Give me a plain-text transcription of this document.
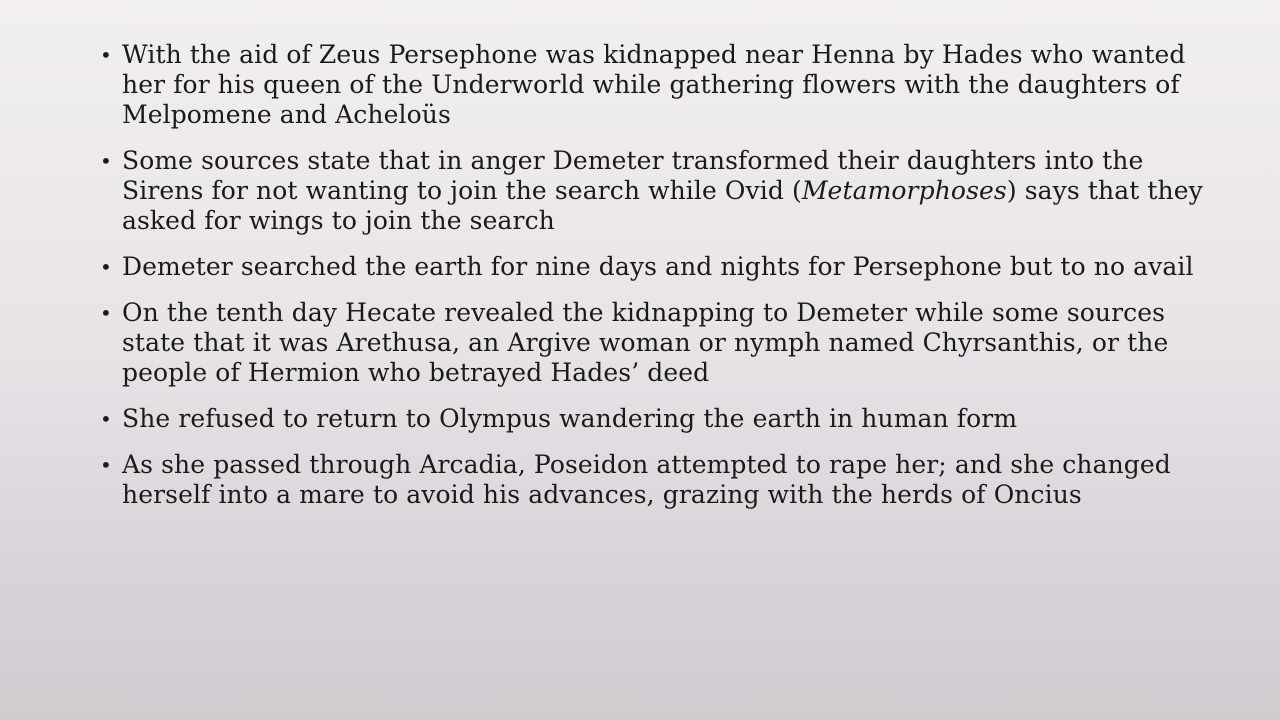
• With the aid of Zeus Persephone was kidnapped near Henna by Hades who wanted her for his queen of the Underworld while gathering flowers with the daughters of Melpomene and Acheloüs
• Some sources state that in anger Demeter transformed their daughters into the Sirens for not wanting to join the search while Ovid (Metamorphoses) says that they asked for wings to join the search
• Demeter searched the earth for nine days and nights for Persephone but to no avail
• On the tenth day Hecate revealed the kidnapping to Demeter while some sources state that it was Arethusa, an Argive woman or nymph named Chyrsanthis, or the people of Hermion who betrayed Hades’ deed
• She refused to return to Olympus wandering the earth in human form
• As she passed through Arcadia, Poseidon attempted to rape her; and she changed herself into a mare to avoid his advances, grazing with the herds of Oncius
